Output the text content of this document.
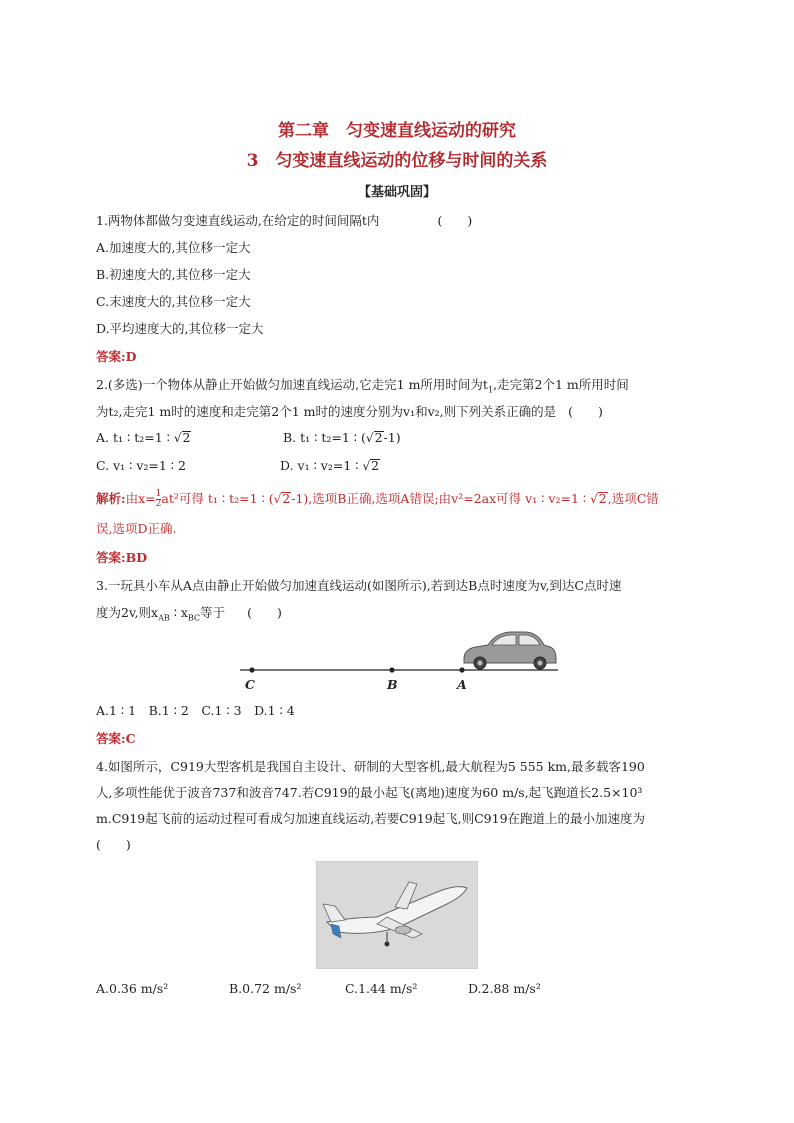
第二章　匀变速直线运动的研究
3　匀变速直线运动的位移与时间的关系
【基础巩固】
1.两物体都做匀变速直线运动,在给定的时间间隔t内	(　　)
A.加速度大的,其位移一定大
B.初速度大的,其位移一定大
C.末速度大的,其位移一定大
D.平均速度大的,其位移一定大
答案:D
2.(多选)一个物体从静止开始做匀加速直线运动,它走完1 m所用时间为$t_1$,走完第2个1 m所用时间
为t₂,走完1 m时的速度和走完第2个1 m时的速度分别为v₁和v₂,则下列关系正确的是 (　　)
A. t₁ ∶ t₂=1 ∶ √2	B. t₁ ∶ t₂=1 ∶ (√2-1)
C. v₁ ∶ v₂=1 ∶ 2	D. v₁ ∶ v₂=1 ∶ √2
解析:由$x= \frac{1}{2} at^2$可得 t₁ ∶ t₂=1 ∶ (√2-1),选项B正确,选项A错误;由v²=2ax可得 v₁ ∶ v₂=1 ∶ √2,选项C错
误,选项D正确.
答案:BD
3.一玩具小车从A点由静止开始做匀加速直线运动(如图所示),若到达B点时速度为v,到达C点时速
度为2v,则$x_{AB}$ ∶ $x_{BC}$等于 (　　)
C	B	A
A.1 ∶ 1　B.1 ∶ 2　C.1 ∶ 3　D.1 ∶ 4
答案:C
4.如图所示，C919大型客机是我国自主设计、研制的大型客机,最大航程为5 555 km,最多载客190
人,多项性能优于波音737和波音747.若C919的最小起飞(离地)速度为60 m/s,起飞跑道长2.5×10³
m.C919起飞前的运动过程可看成匀加速直线运动,若要C919起飞,则C919在跑道上的最小加速度为
(　　)
A.0.36 m/s²	B.0.72 m/s²	C.1.44 m/s²	D.2.88 m/s²
